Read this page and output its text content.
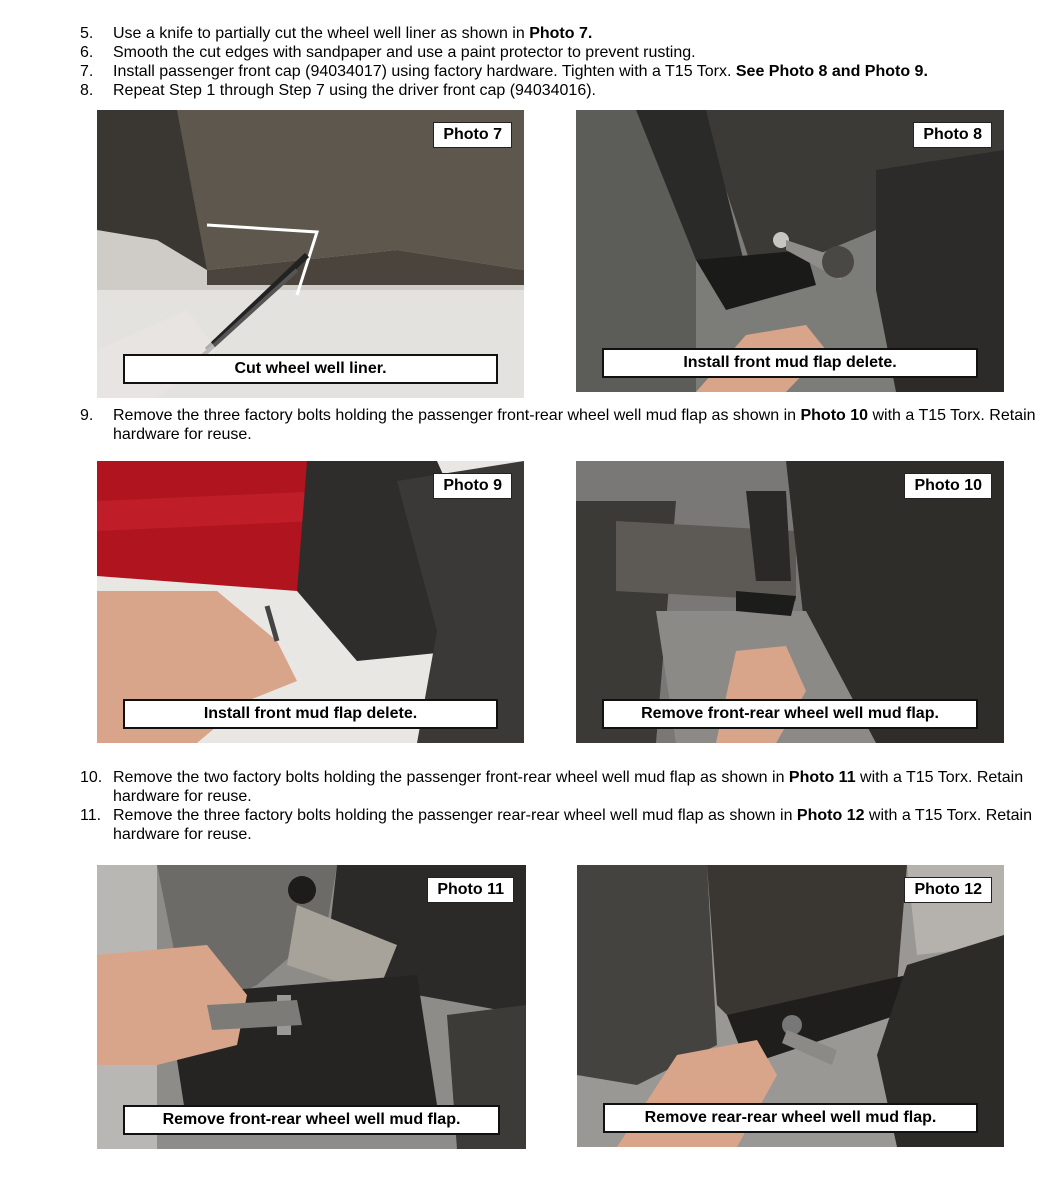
5.	Use a knife to partially cut the wheel well liner as shown in Photo 7.
6.	Smooth the cut edges with sandpaper and use a paint protector to prevent rusting.
7.	Install passenger front cap (94034017) using factory hardware. Tighten with a T15 Torx. See Photo 8 and Photo 9.
8.	Repeat Step 1 through Step 7 using the driver front cap (94034016).
Photo 7
Cut wheel well liner.
Photo 8
Install front mud flap delete.
9.	Remove the three factory bolts holding the passenger front-rear wheel well mud flap as shown in Photo 10 with a T15 Torx. Retain hardware for reuse.
Photo 9
Install front mud flap delete.
Photo 10
Remove front-rear wheel well mud flap.
10. Remove the two factory bolts holding the passenger front-rear wheel well mud flap as shown in Photo 11 with a T15 Torx. Retain hardware for reuse.
11. Remove the three factory bolts holding the passenger rear-rear wheel well mud flap as shown in Photo 12 with a T15 Torx. Retain hardware for reuse.
Photo 11
Remove front-rear wheel well mud flap.
Photo 12
Remove rear-rear wheel well mud flap.
